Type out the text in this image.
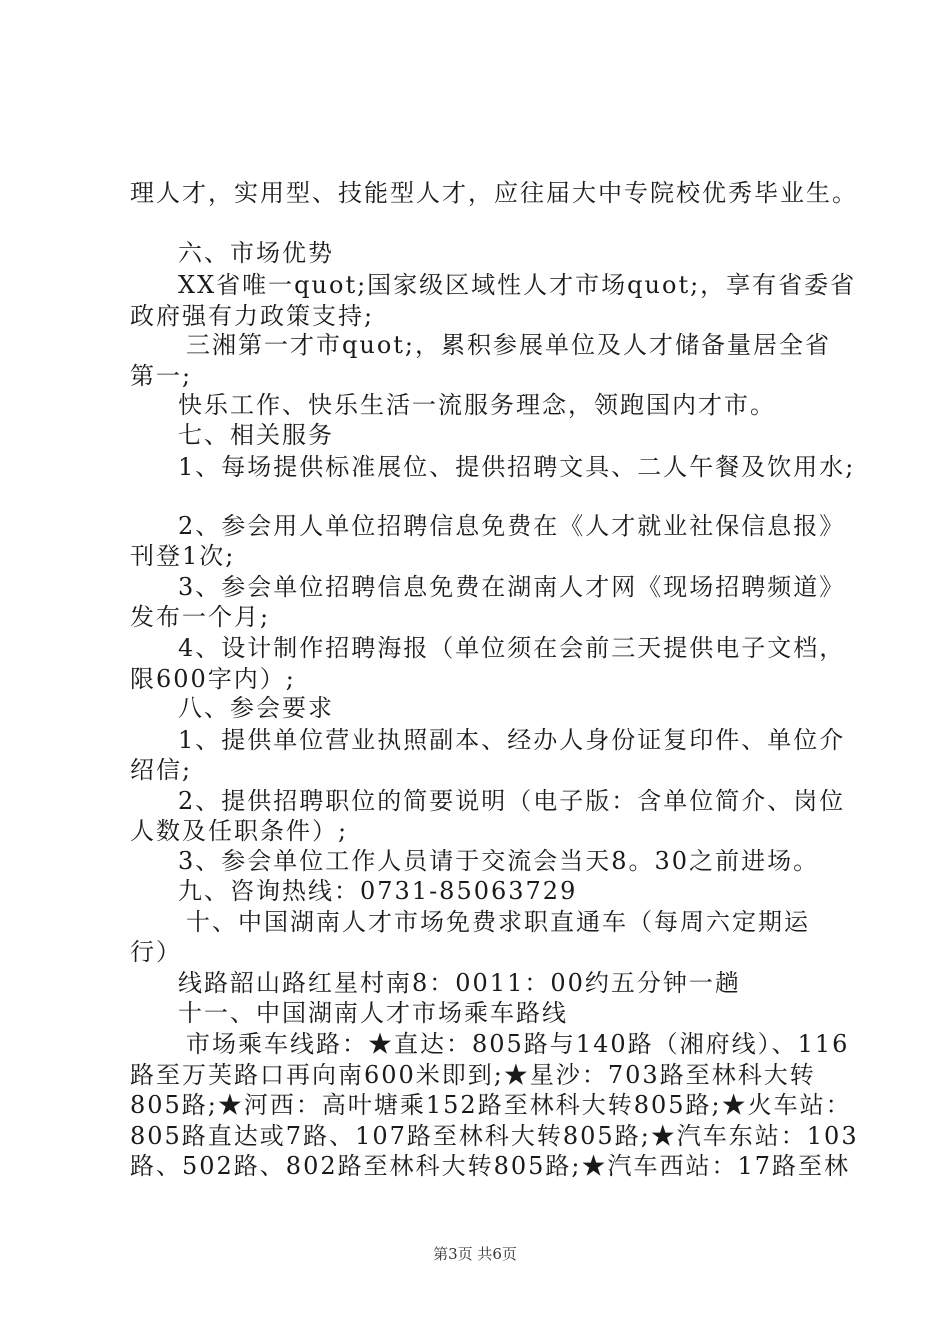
理人才，实用型、技能型人才，应往届大中专院校优秀毕业生。
六、市场优势
XX省唯一quot;国家级区域性人才市场quot;，享有省委省
政府强有力政策支持;
三湘第一才市quot;，累积参展单位及人才储备量居全省
第一;
快乐工作、快乐生活一流服务理念，领跑国内才市。
七、相关服务
1、每场提供标准展位、提供招聘文具、二人午餐及饮用水;
2、参会用人单位招聘信息免费在《人才就业社保信息报》
刊登1次;
3、参会单位招聘信息免费在湖南人才网《现场招聘频道》
发布一个月;
4、设计制作招聘海报（单位须在会前三天提供电子文档，
限600字内）;
八、参会要求
1、提供单位营业执照副本、经办人身份证复印件、单位介
绍信;
2、提供招聘职位的简要说明（电子版：含单位简介、岗位
人数及任职条件）;
3、参会单位工作人员请于交流会当天8。30之前进场。
九、咨询热线：0731-85063729
十、中国湖南人才市场免费求职直通车（每周六定期运
行）
线路韶山路红星村南8：0011：00约五分钟一趟
十一、中国湖南人才市场乘车路线
市场乘车线路：★直达：805路与140路（湘府线）、116
路至万芙路口再向南600米即到;★星沙：703路至林科大转
805路;★河西：高叶塘乘152路至林科大转805路;★火车站：
805路直达或7路、107路至林科大转805路;★汽车东站：103
路、502路、802路至林科大转805路;★汽车西站：17路至林
第3页 共6页
